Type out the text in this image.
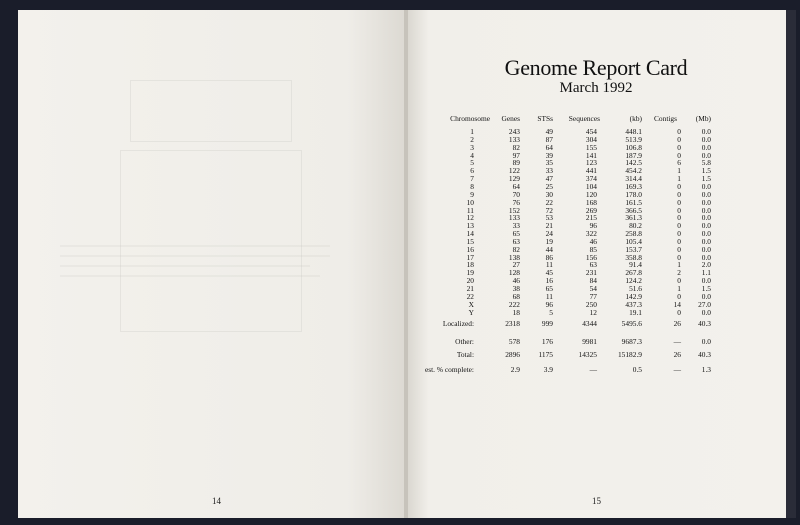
14	15
Genome Report Card
March 1992
Chromosome Genes STSs Sequences	(kb) Contigs	(Mb)
1	243	49	454	448.1	0	0.0
2	133	87	304	513.9	0	0.0
3	82	64	155	106.8	0	0.0
4	97	39	141	187.9	0	0.0
5	89	35	123	142.5	6	5.8
6	122	33	441	454.2	1	1.5
7	129	47	374	314.4	1	1.5
8	64	25	104	169.3	0	0.0
9	70	30	120	178.0	0	0.0
10	76	22	168	161.5	0	0.0
11	152	72	269	366.5	0	0.0
12	133	53	215	361.3	0	0.0
13	33	21	96	80.2	0	0.0
14	65	24	322	258.8	0	0.0
15	63	19	46	105.4	0	0.0
16	82	44	85	153.7	0	0.0
17	138	86	156	358.8	0	0.0
18	27	11	63	91.4	1	2.0
19	128	45	231	267.8	2	1.1
20	46	16	84	124.2	0	0.0
21	38	65	54	51.6	1	1.5
22	68	11	77	142.9	0	0.0
X	222	96	250	437.3	14 27.0
Y	18	5	12	19.1	0	0.0
Localized:	2318	999	4344	5495.6	26 40.3
Other:	578	176	9981	9687.3	—	0.0
Total:	2896 1175	14325	15182.9	26 40.3
est. % complete:	2.9	3.9	—	0.5	—	1.3
